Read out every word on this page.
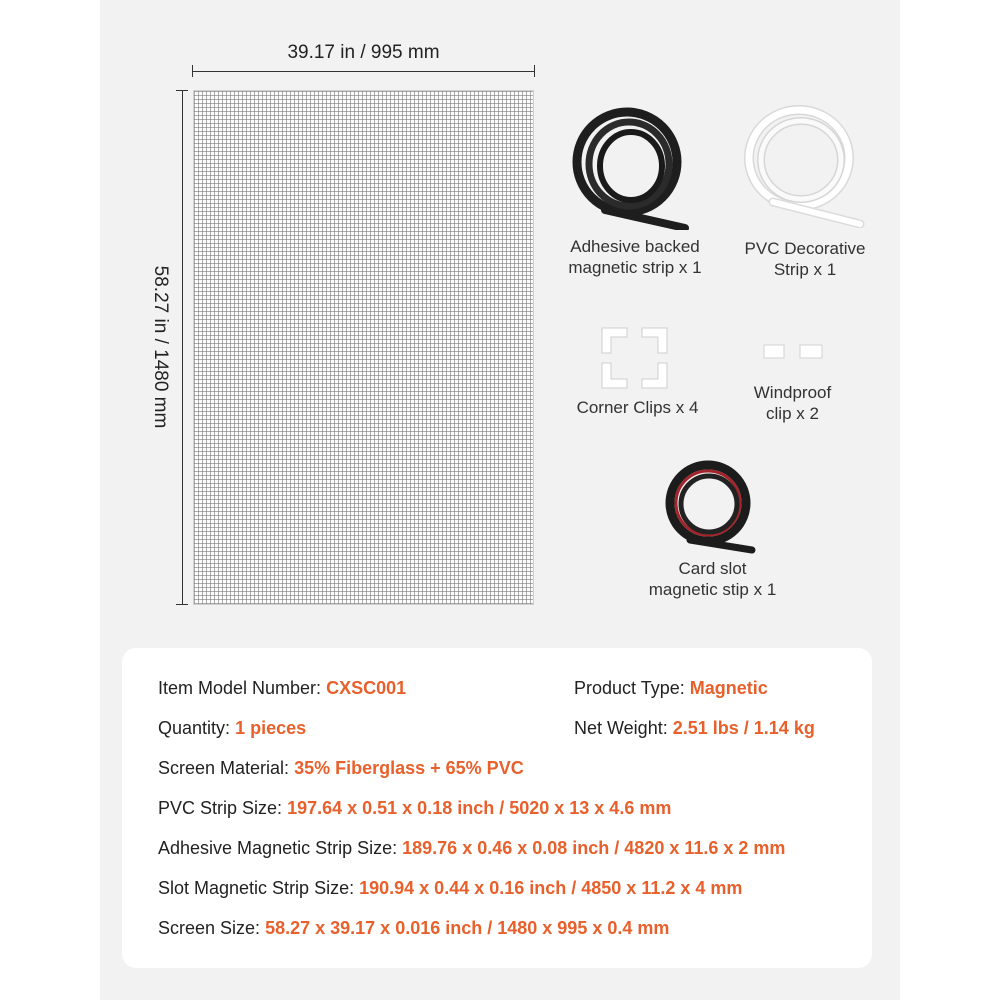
39.17 in / 995 mm
58.27 in / 1480 mm
Adhesive backed
magnetic strip x 1
PVC Decorative
Strip x 1
Corner Clips x 4
Windproof
clip x 2
Card slot
magnetic stip x 1
Item Model Number: CXSC001	Product Type: Magnetic
Quantity: 1 pieces	Net Weight: 2.51 lbs / 1.14 kg
Screen Material: 35% Fiberglass + 65% PVC
PVC Strip Size: 197.64 x 0.51 x 0.18 inch / 5020 x 13 x 4.6 mm
Adhesive Magnetic Strip Size: 189.76 x 0.46 x 0.08 inch / 4820 x 11.6 x 2 mm
Slot Magnetic Strip Size: 190.94 x 0.44 x 0.16 inch / 4850 x 11.2 x 4 mm
Screen Size: 58.27 x 39.17 x 0.016 inch / 1480 x 995 x 0.4 mm
